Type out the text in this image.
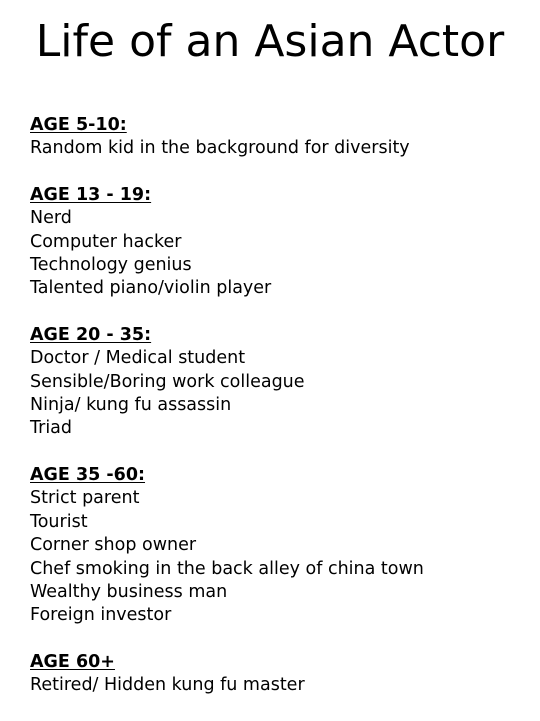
Life of an Asian Actor
AGE 5-10:
Random kid in the background for diversity
AGE 13 - 19:
Nerd
Computer hacker
Technology genius
Talented piano/violin player
AGE 20 - 35:
Doctor / Medical student
Sensible/Boring work colleague
Ninja/ kung fu assassin
Triad
AGE 35 -60:
Strict parent
Tourist
Corner shop owner
Chef smoking in the back alley of china town
Wealthy business man
Foreign investor
AGE 60+
Retired/ Hidden kung fu master
